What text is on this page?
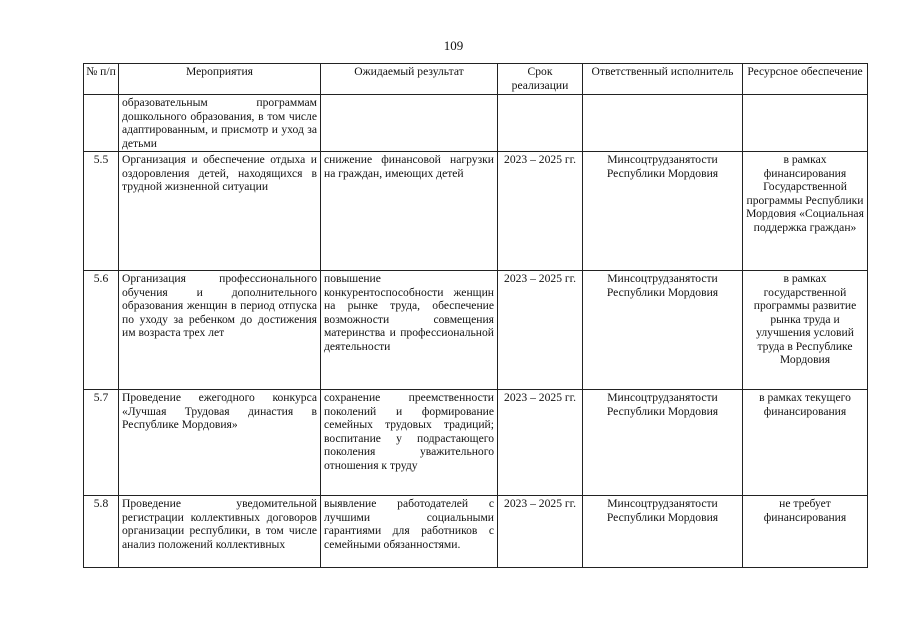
109
№ п/п	Мероприятия	Ожидаемый результат	Срок реализации	Ответственный исполнитель	Ресурсное обеспечение
	образовательным программам дошкольного образования, в том числе адаптированным, и присмотр и уход за детьми				
5.5	Организация и обеспечение отдыха и оздоровления детей, находящихся в трудной жизненной ситуации	снижение финансовой нагрузки на граждан, имеющих детей	2023 – 2025 гг.	Минсоцтрудзанятости Республики Мордовия	в рамках финансирования Государственной программы Республики Мордовия «Социальная поддержка граждан»
5.6	Организация профессионального обучения и дополнительного образования женщин в период отпуска по уходу за ребенком до достижения им возраста трех лет	повышение конкурентоспособности женщин на рынке труда, обеспечение возможности совмещения материнства и профессиональной деятельности	2023 – 2025 гг.	Минсоцтрудзанятости Республики Мордовия	в рамках государственной программы развитие рынка труда и улучшения условий труда в Республике Мордовия
5.7	Проведение ежегодного конкурса «Лучшая Трудовая династия в Республике Мордовия»	сохранение преемственности поколений и формирование семейных трудовых традиций; воспитание у подрастающего поколения уважительного отношения к труду	2023 – 2025 гг.	Минсоцтрудзанятости Республики Мордовия	в рамках текущего финансирования
5.8	Проведение уведомительной регистрации коллективных договоров организации республики, в том числе анализ положений коллективных	выявление работодателей с лучшими социальными гарантиями для работников с семейными обязанностями.	2023 – 2025 гг.	Минсоцтрудзанятости Республики Мордовия	не требует финансирования
